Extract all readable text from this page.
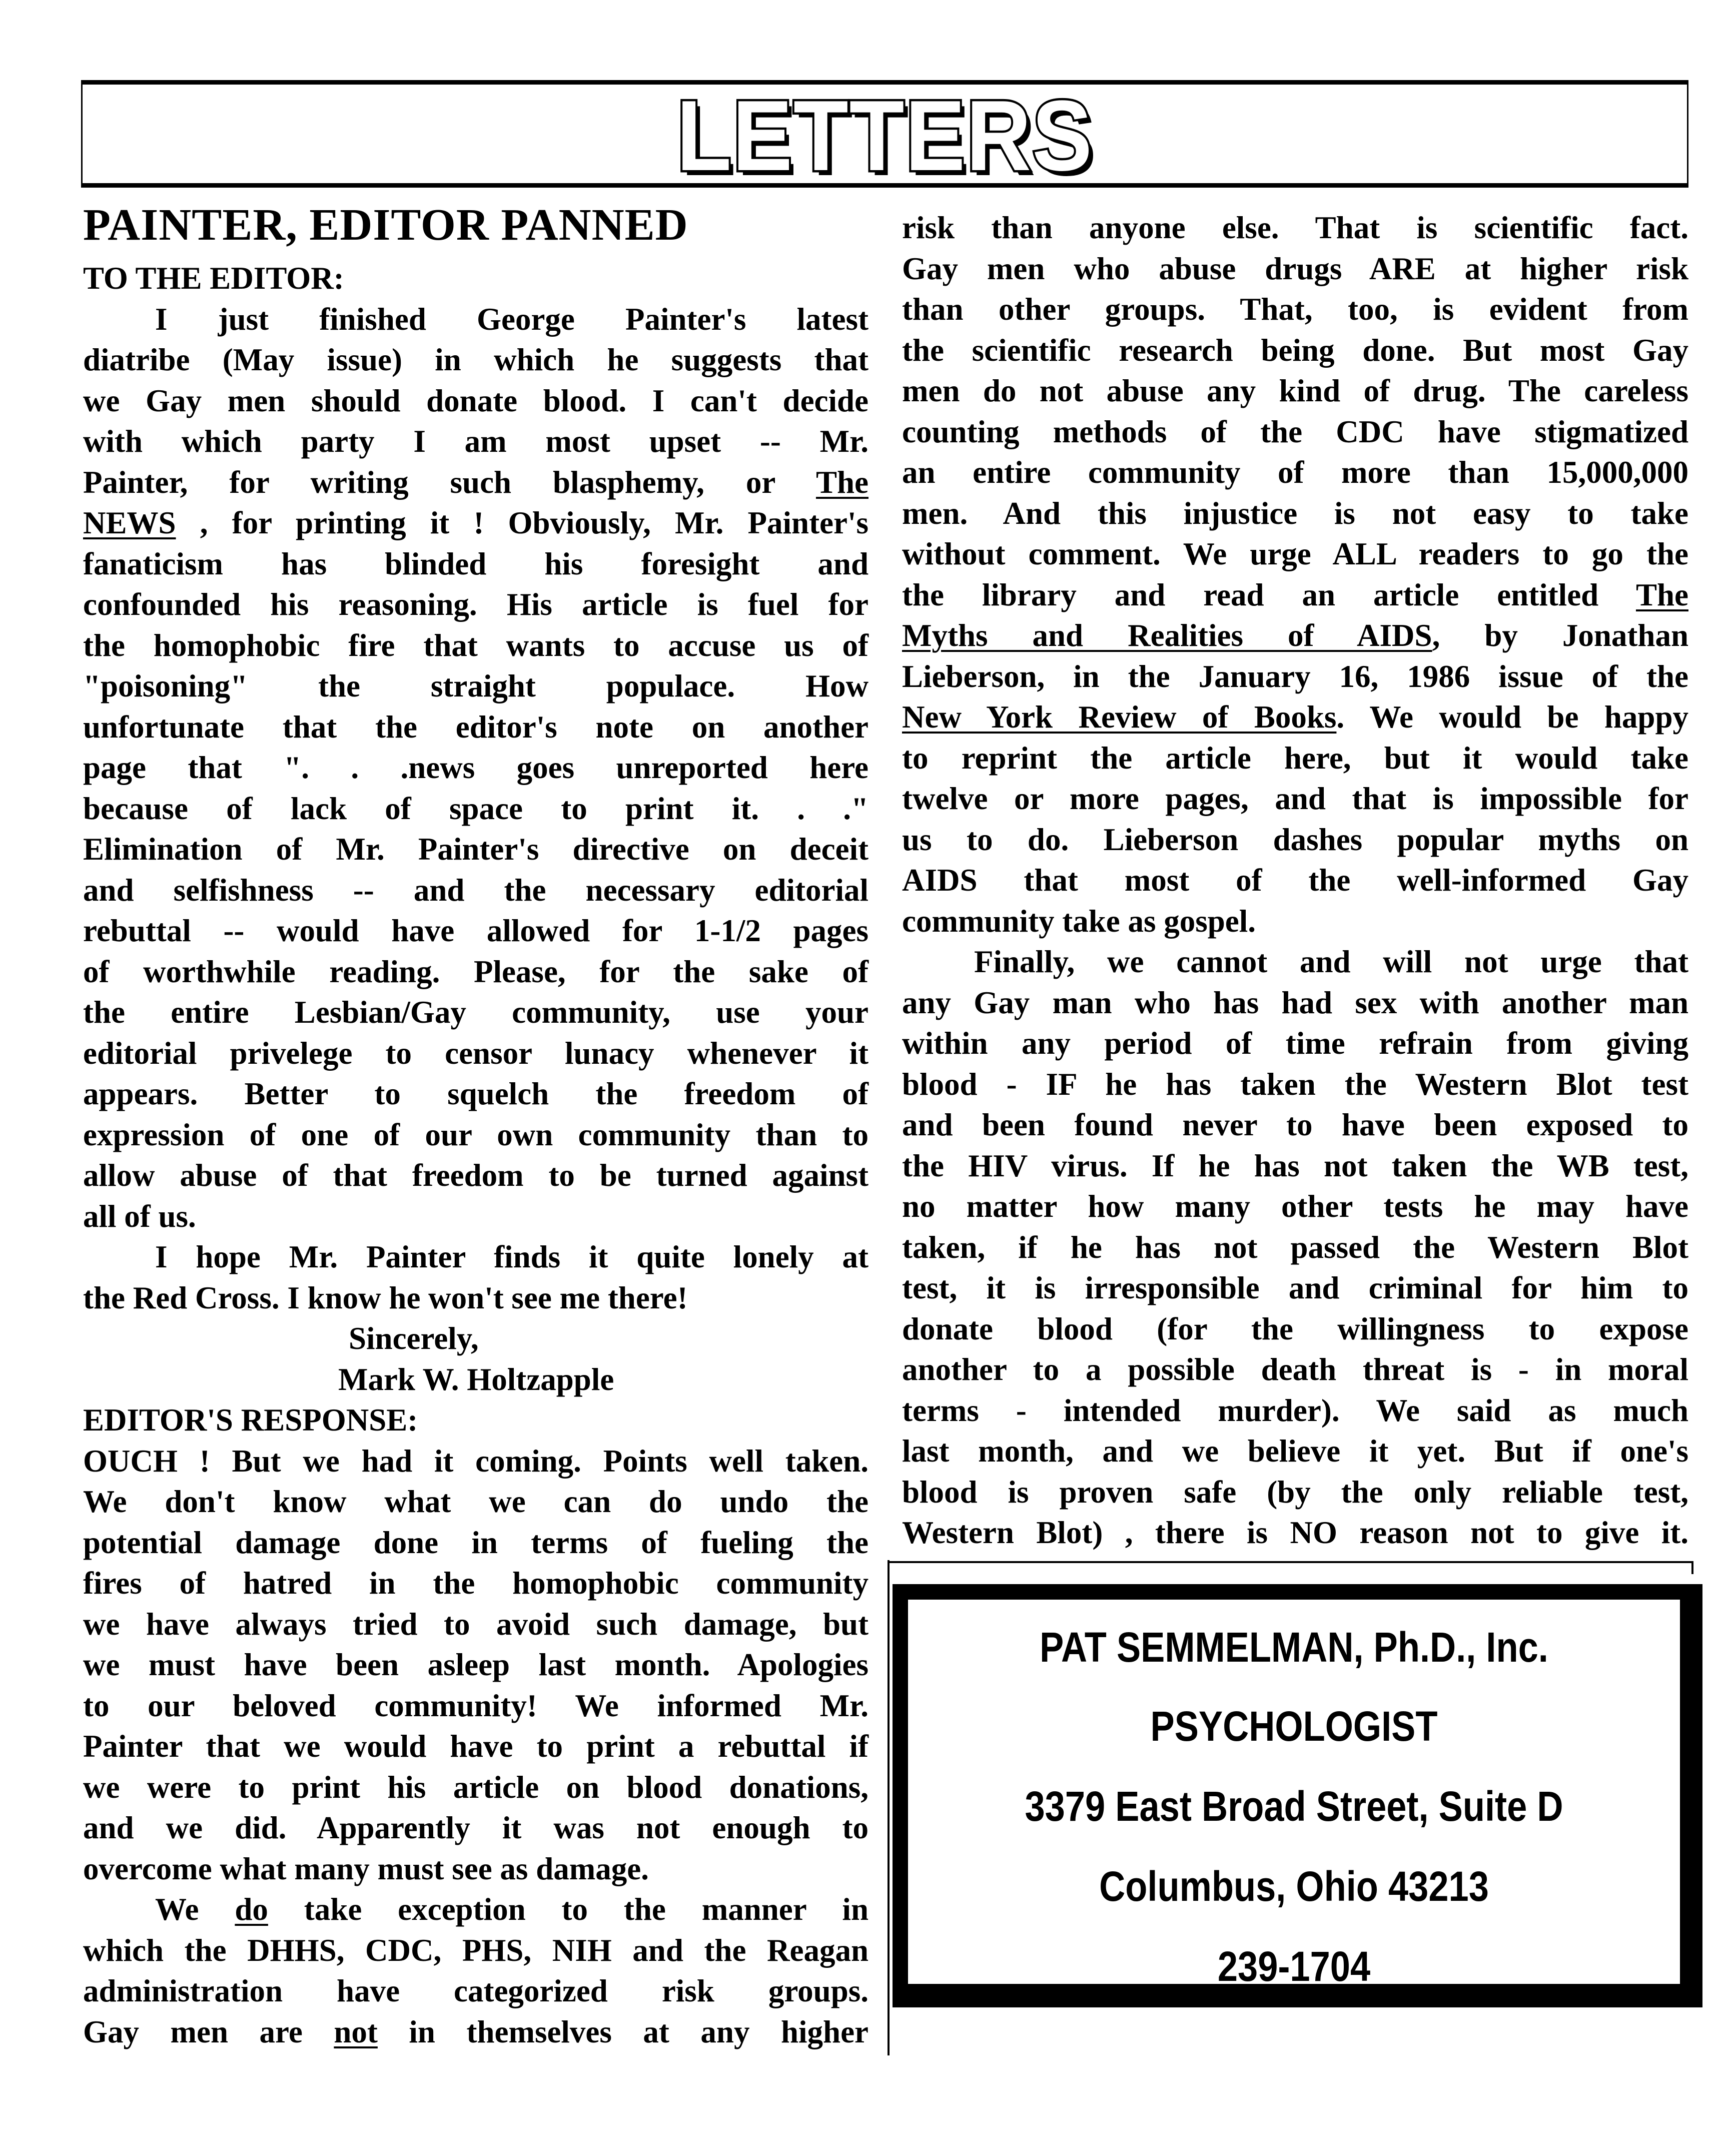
LETTERS
PAINTER, EDITOR PANNED
TO THE EDITOR:
I just finished George Painter's latest
diatribe (May issue) in which he suggests that
we Gay men should donate blood. I can't decide
with which party I am most upset -- Mr.
Painter, for writing such blasphemy, or The
NEWS , for printing it ! Obviously, Mr. Painter's
fanaticism has blinded his foresight and
confounded his reasoning. His article is fuel for
the homophobic fire that wants to accuse us of
"poisoning" the straight populace. How
unfortunate that the editor's note on another
page that ". . .news goes unreported here
because of lack of space to print it. . ."
Elimination of Mr. Painter's directive on deceit
and selfishness -- and the necessary editorial
rebuttal -- would have allowed for 1-1/2 pages
of worthwhile reading. Please, for the sake of
the entire Lesbian/Gay community, use your
editorial privelege to censor lunacy whenever it
appears. Better to squelch the freedom of
expression of one of our own community than to
allow abuse of that freedom to be turned against
all of us.
I hope Mr. Painter finds it quite lonely at
the Red Cross. I know he won't see me there!
Sincerely,
Mark W. Holtzapple
EDITOR'S RESPONSE:
OUCH ! But we had it coming. Points well taken.
We don't know what we can do undo the
potential damage done in terms of fueling the
fires of hatred in the homophobic community
we have always tried to avoid such damage, but
we must have been asleep last month. Apologies
to our beloved community! We informed Mr.
Painter that we would have to print a rebuttal if
we were to print his article on blood donations,
and we did. Apparently it was not enough to
overcome what many must see as damage.
We do take exception to the manner in
which the DHHS, CDC, PHS, NIH and the Reagan
administration have categorized risk groups.
Gay men are not in themselves at any higher
risk than anyone else. That is scientific fact.
Gay men who abuse drugs ARE at higher risk
than other groups. That, too, is evident from
the scientific research being done. But most Gay
men do not abuse any kind of drug. The careless
counting methods of the CDC have stigmatized
an entire community of more than 15,000,000
men. And this injustice is not easy to take
without comment. We urge ALL readers to go the
the library and read an article entitled The
Myths and Realities of AIDS, by Jonathan
Lieberson, in the January 16, 1986 issue of the
New York Review of Books. We would be happy
to reprint the article here, but it would take
twelve or more pages, and that is impossible for
us to do. Lieberson dashes popular myths on
AIDS that most of the well-informed Gay
community take as gospel.
Finally, we cannot and will not urge that
any Gay man who has had sex with another man
within any period of time refrain from giving
blood - IF he has taken the Western Blot test
and been found never to have been exposed to
the HIV virus. If he has not taken the WB test,
no matter how many other tests he may have
taken, if he has not passed the Western Blot
test, it is irresponsible and criminal for him to
donate blood (for the willingness to expose
another to a possible death threat is - in moral
terms - intended murder). We said as much
last month, and we believe it yet. But if one's
blood is proven safe (by the only reliable test,
Western Blot) , there is NO reason not to give it.
PAT SEMMELMAN, Ph.D., Inc.
PSYCHOLOGIST
3379 East Broad Street, Suite D
Columbus, Ohio 43213
239-1704
